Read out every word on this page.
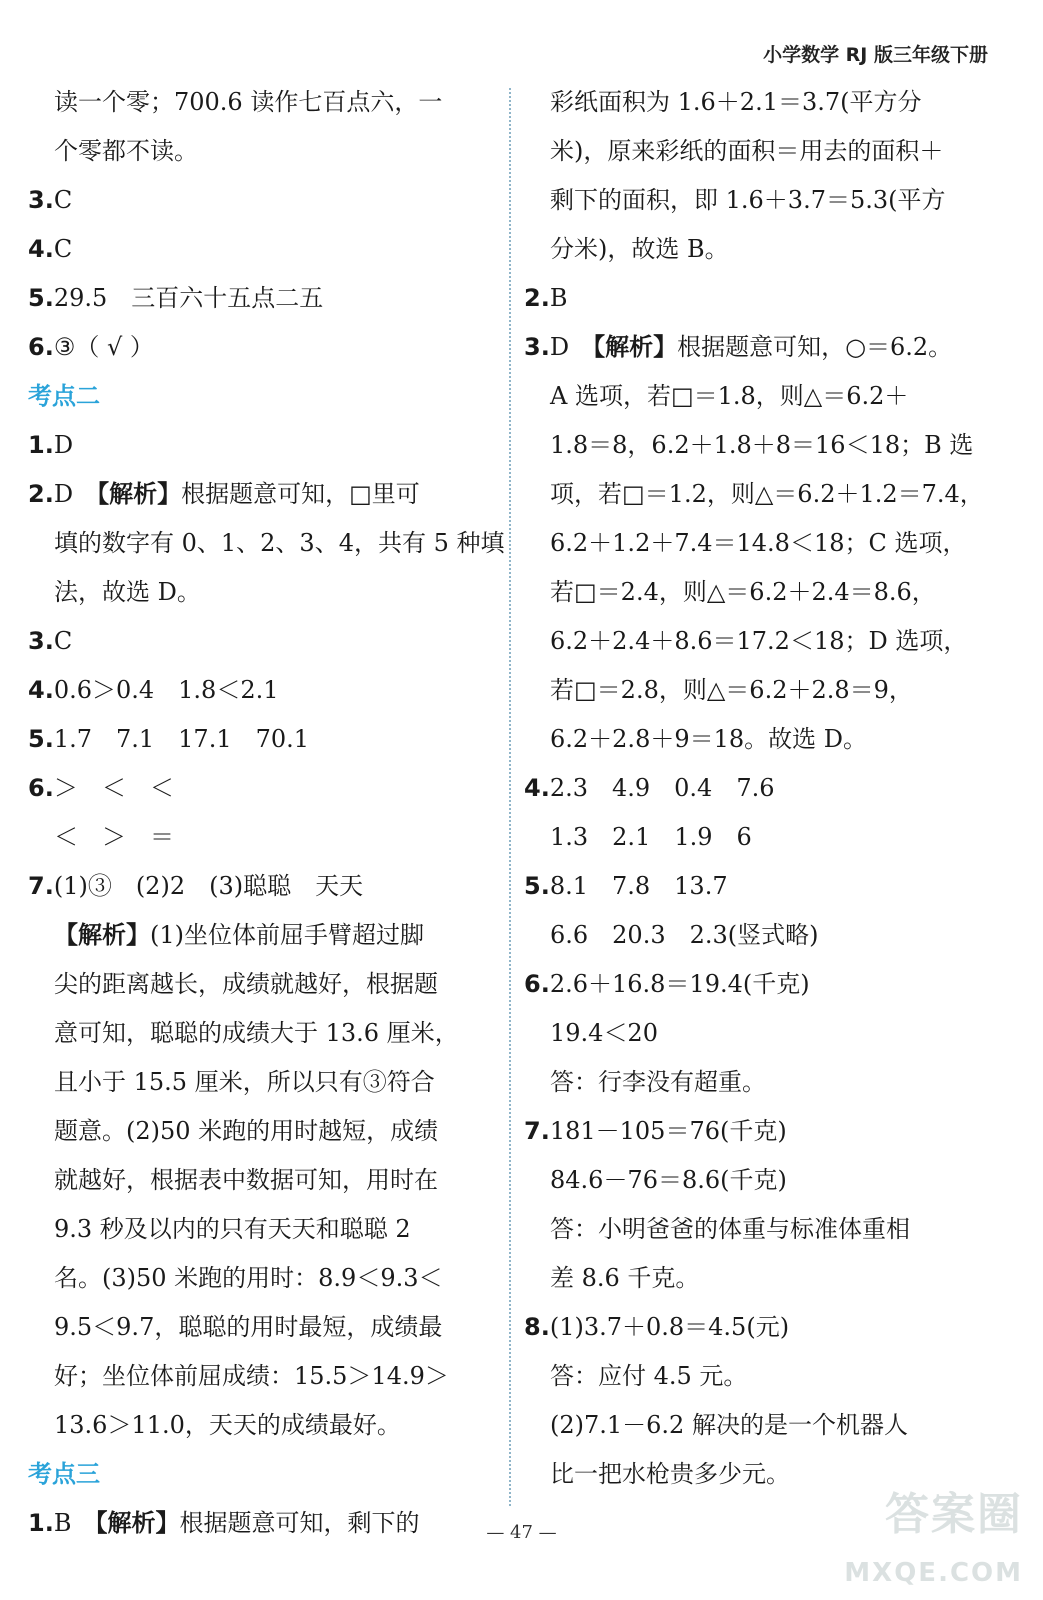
小学数学 RJ 版三年级下册
读一个零；700.6 读作七百点六，一
个零都不读。
3.C
4.C
5.29.5　三百六十五点二五
6.③（ √ ）
考点二
1.D
2.D　【解析】根据题意可知，□里可
填的数字有 0、1、2、3、4，共有 5 种填
法，故选 D。
3.C
4.0.6＞0.4　1.8＜2.1
5.1.7　7.1　17.1　70.1
6.＞　＜　＜
＜　＞　＝
7.(1)③　(2)2　(3)聪聪　天天
【解析】(1)坐位体前屈手臂超过脚
尖的距离越长，成绩就越好，根据题
意可知，聪聪的成绩大于 13.6 厘米，
且小于 15.5 厘米，所以只有③符合
题意。(2)50 米跑的用时越短，成绩
就越好，根据表中数据可知，用时在
9.3 秒及以内的只有天天和聪聪 2
名。(3)50 米跑的用时：8.9＜9.3＜
9.5＜9.7，聪聪的用时最短，成绩最
好；坐位体前屈成绩：15.5＞14.9＞
13.6＞11.0，天天的成绩最好。
考点三
1.B　【解析】根据题意可知，剩下的
彩纸面积为 1.6＋2.1＝3.7(平方分
米)，原来彩纸的面积＝用去的面积＋
剩下的面积，即 1.6＋3.7＝5.3(平方
分米)，故选 B。
2.B
3.D　【解析】根据题意可知，○＝6.2。
A 选项，若□＝1.8，则△＝6.2＋
1.8＝8，6.2＋1.8＋8＝16＜18；B 选
项，若□＝1.2，则△＝6.2＋1.2＝7.4，
6.2＋1.2＋7.4＝14.8＜18；C 选项，
若□＝2.4，则△＝6.2＋2.4＝8.6，
6.2＋2.4＋8.6＝17.2＜18；D 选项，
若□＝2.8，则△＝6.2＋2.8＝9，
6.2＋2.8＋9＝18。故选 D。
4.2.3　4.9　0.4　7.6
1.3　2.1　1.9　6
5.8.1　7.8　13.7
6.6　20.3　2.3(竖式略)
6.2.6＋16.8＝19.4(千克)
19.4＜20
答：行李没有超重。
7.181－105＝76(千克)
84.6－76＝8.6(千克)
答：小明爸爸的体重与标准体重相
差 8.6 千克。
8.(1)3.7＋0.8＝4.5(元)
答：应付 4.5 元。
(2)7.1－6.2 解决的是一个机器人
比一把水枪贵多少元。
— 47 —	答案圈
MXQE.COM
